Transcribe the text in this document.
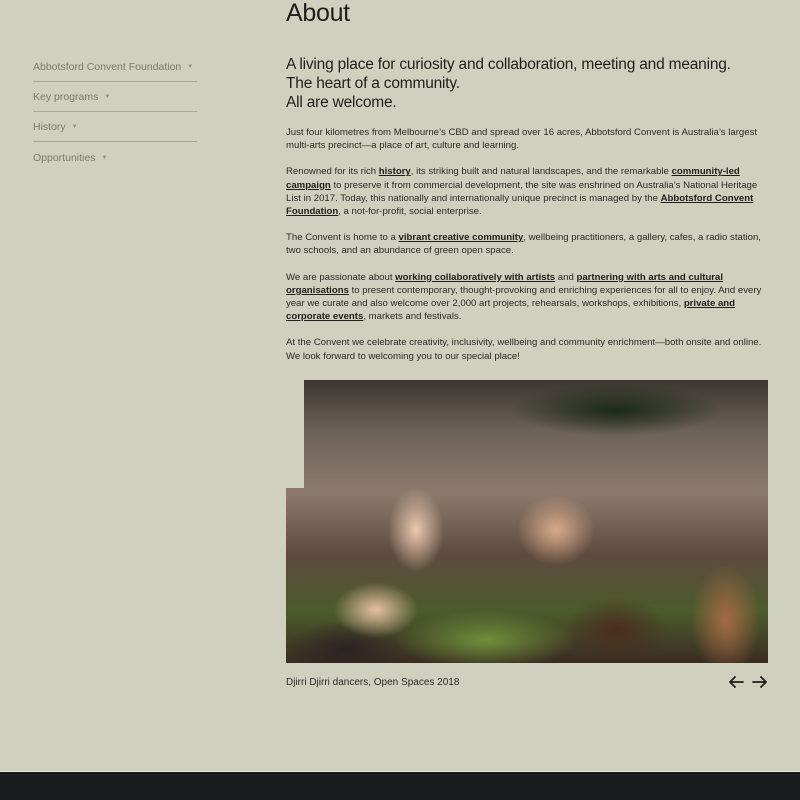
Abbotsford Convent Foundation ▼
Key programs ▼
History ▼
Opportunities ▼
About
A living place for curiosity and collaboration, meeting and meaning.
The heart of a community.
All are welcome.

Just four kilometres from Melbourne’s CBD and spread over 16 acres, Abbotsford Convent is Australia’s largest multi-arts precinct—a place of art, culture and learning.

Renowned for its rich history, its striking built and natural landscapes, and the remarkable community-led campaign to preserve it from commercial development, the site was enshrined on Australia’s National Heritage List in 2017. Today, this nationally and internationally unique precinct is managed by the Abbotsford Convent Foundation, a not-for-profit, social enterprise.

The Convent is home to a vibrant creative community, wellbeing practitioners, a gallery, cafes, a radio station, two schools, and an abundance of green open space.

We are passionate about working collaboratively with artists and partnering with arts and cultural organisations to present contemporary, thought-provoking and enriching experiences for all to enjoy. And every year we curate and also welcome over 2,000 art projects, rehearsals, workshops, exhibitions, private and corporate events, markets and festivals.

At the Convent we celebrate creativity, inclusivity, wellbeing and community enrichment—both onsite and online. We look forward to welcoming you to our special place!

Djirri Djirri dancers, Open Spaces 2018
